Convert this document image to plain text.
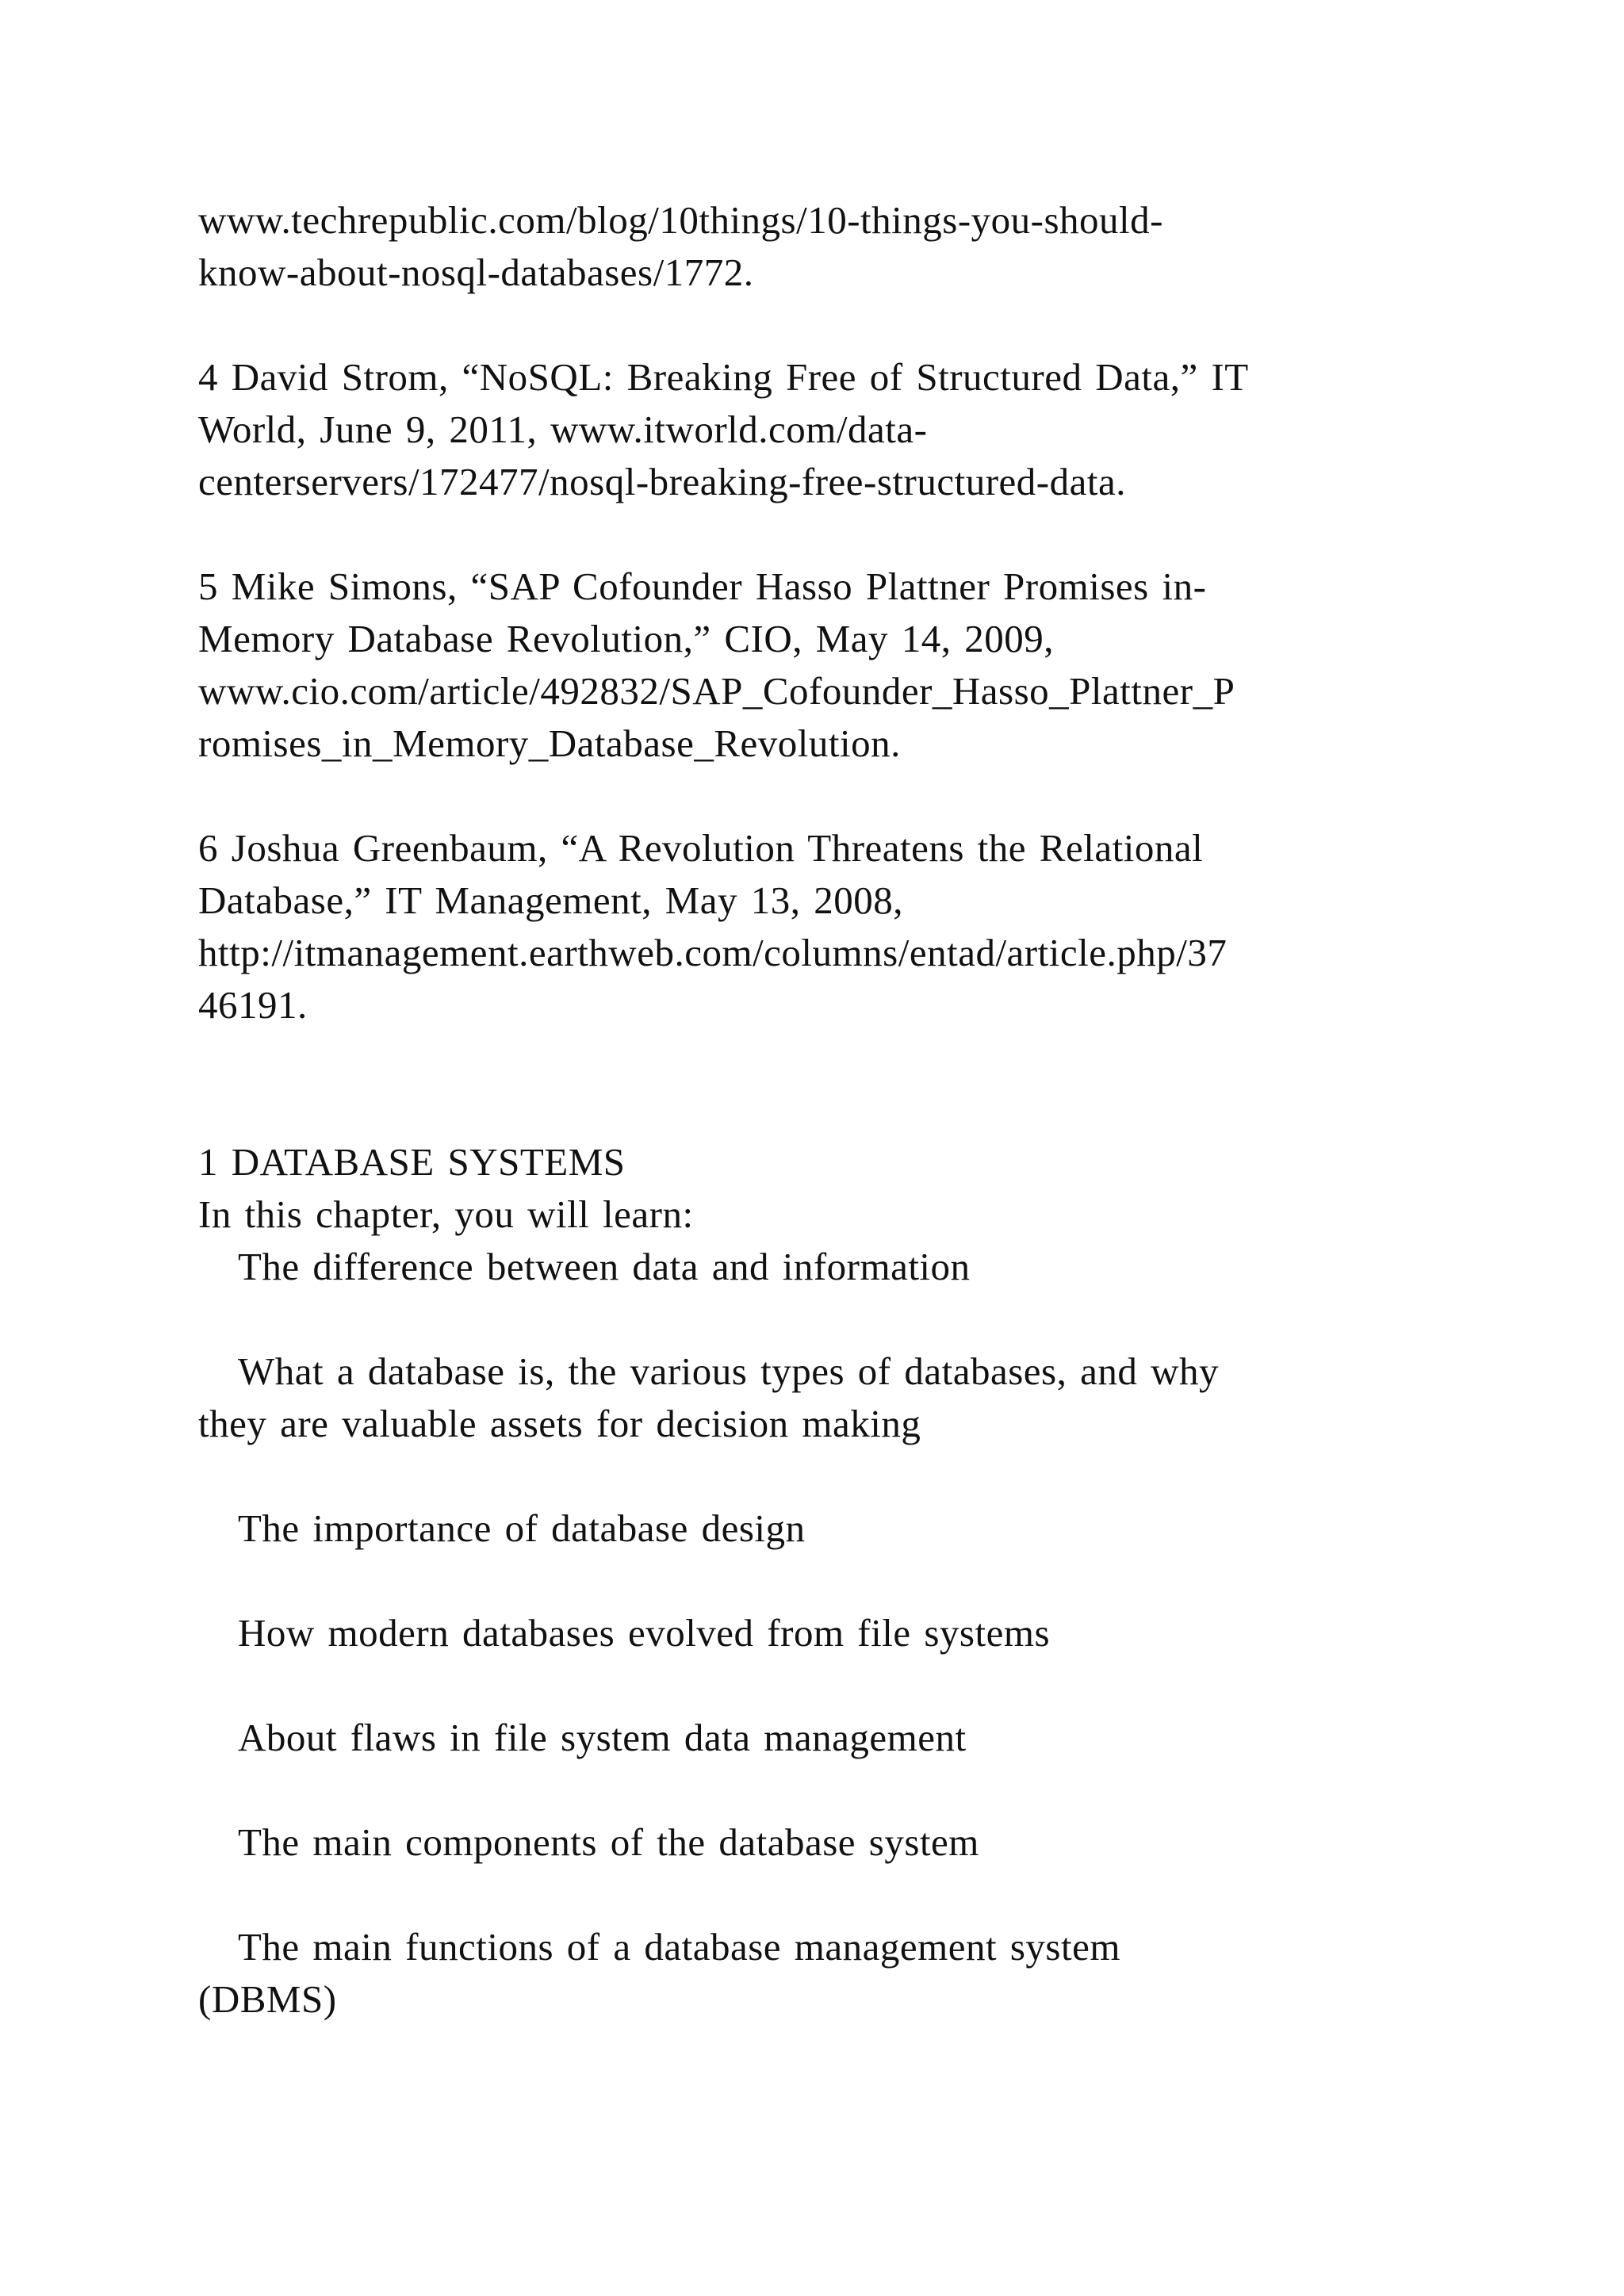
www.techrepublic.com/blog/10things/10-things-you-should-
know-about-nosql-databases/1772.
4 David Strom, “NoSQL: Breaking Free of Structured Data,” IT
World, June 9, 2011, www.itworld.com/data-
centerservers/172477/nosql-breaking-free-structured-data.
5 Mike Simons, “SAP Cofounder Hasso Plattner Promises in-
Memory Database Revolution,” CIO, May 14, 2009,
www.cio.com/article/492832/SAP_Cofounder_Hasso_Plattner_P
romises_in_Memory_Database_Revolution.
6 Joshua Greenbaum, “A Revolution Threatens the Relational
Database,” IT Management, May 13, 2008,
http://itmanagement.earthweb.com/columns/entad/article.php/37
46191.
1 DATABASE SYSTEMS
In this chapter, you will learn:
The difference between data and information
What a database is, the various types of databases, and why
they are valuable assets for decision making
The importance of database design
How modern databases evolved from file systems
About flaws in file system data management
The main components of the database system
The main functions of a database management system
(DBMS)
